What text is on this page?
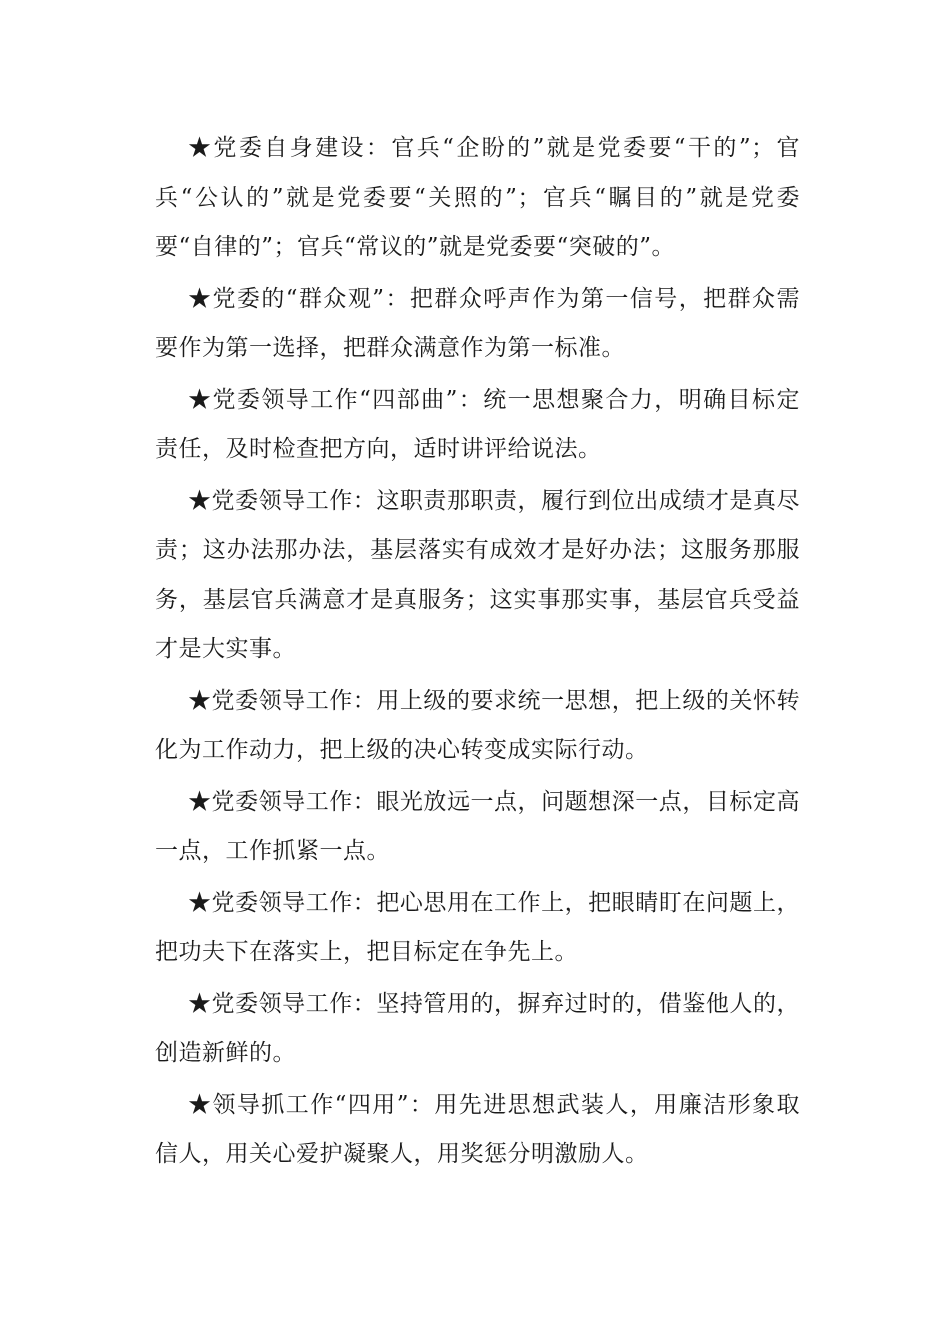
★党委自身建设：官兵“企盼的”就是党委要“干的”；官兵“公认的”就是党委要“关照的”；官兵“瞩目的”就是党委要“自律的”；官兵“常议的”就是党委要“突破的”。

★党委的“群众观”：把群众呼声作为第一信号，把群众需要作为第一选择，把群众满意作为第一标准。

★党委领导工作“四部曲”：统一思想聚合力，明确目标定责任，及时检查把方向，适时讲评给说法。

★党委领导工作：这职责那职责，履行到位出成绩才是真尽责；这办法那办法，基层落实有成效才是好办法；这服务那服务，基层官兵满意才是真服务；这实事那实事，基层官兵受益才是大实事。

★党委领导工作：用上级的要求统一思想，把上级的关怀转化为工作动力，把上级的决心转变成实际行动。

★党委领导工作：眼光放远一点，问题想深一点，目标定高一点，工作抓紧一点。

★党委领导工作：把心思用在工作上，把眼睛盯在问题上，把功夫下在落实上，把目标定在争先上。

★党委领导工作：坚持管用的，摒弃过时的，借鉴他人的，创造新鲜的。

★领导抓工作“四用”：用先进思想武装人，用廉洁形象取信人，用关心爱护凝聚人，用奖惩分明激励人。
